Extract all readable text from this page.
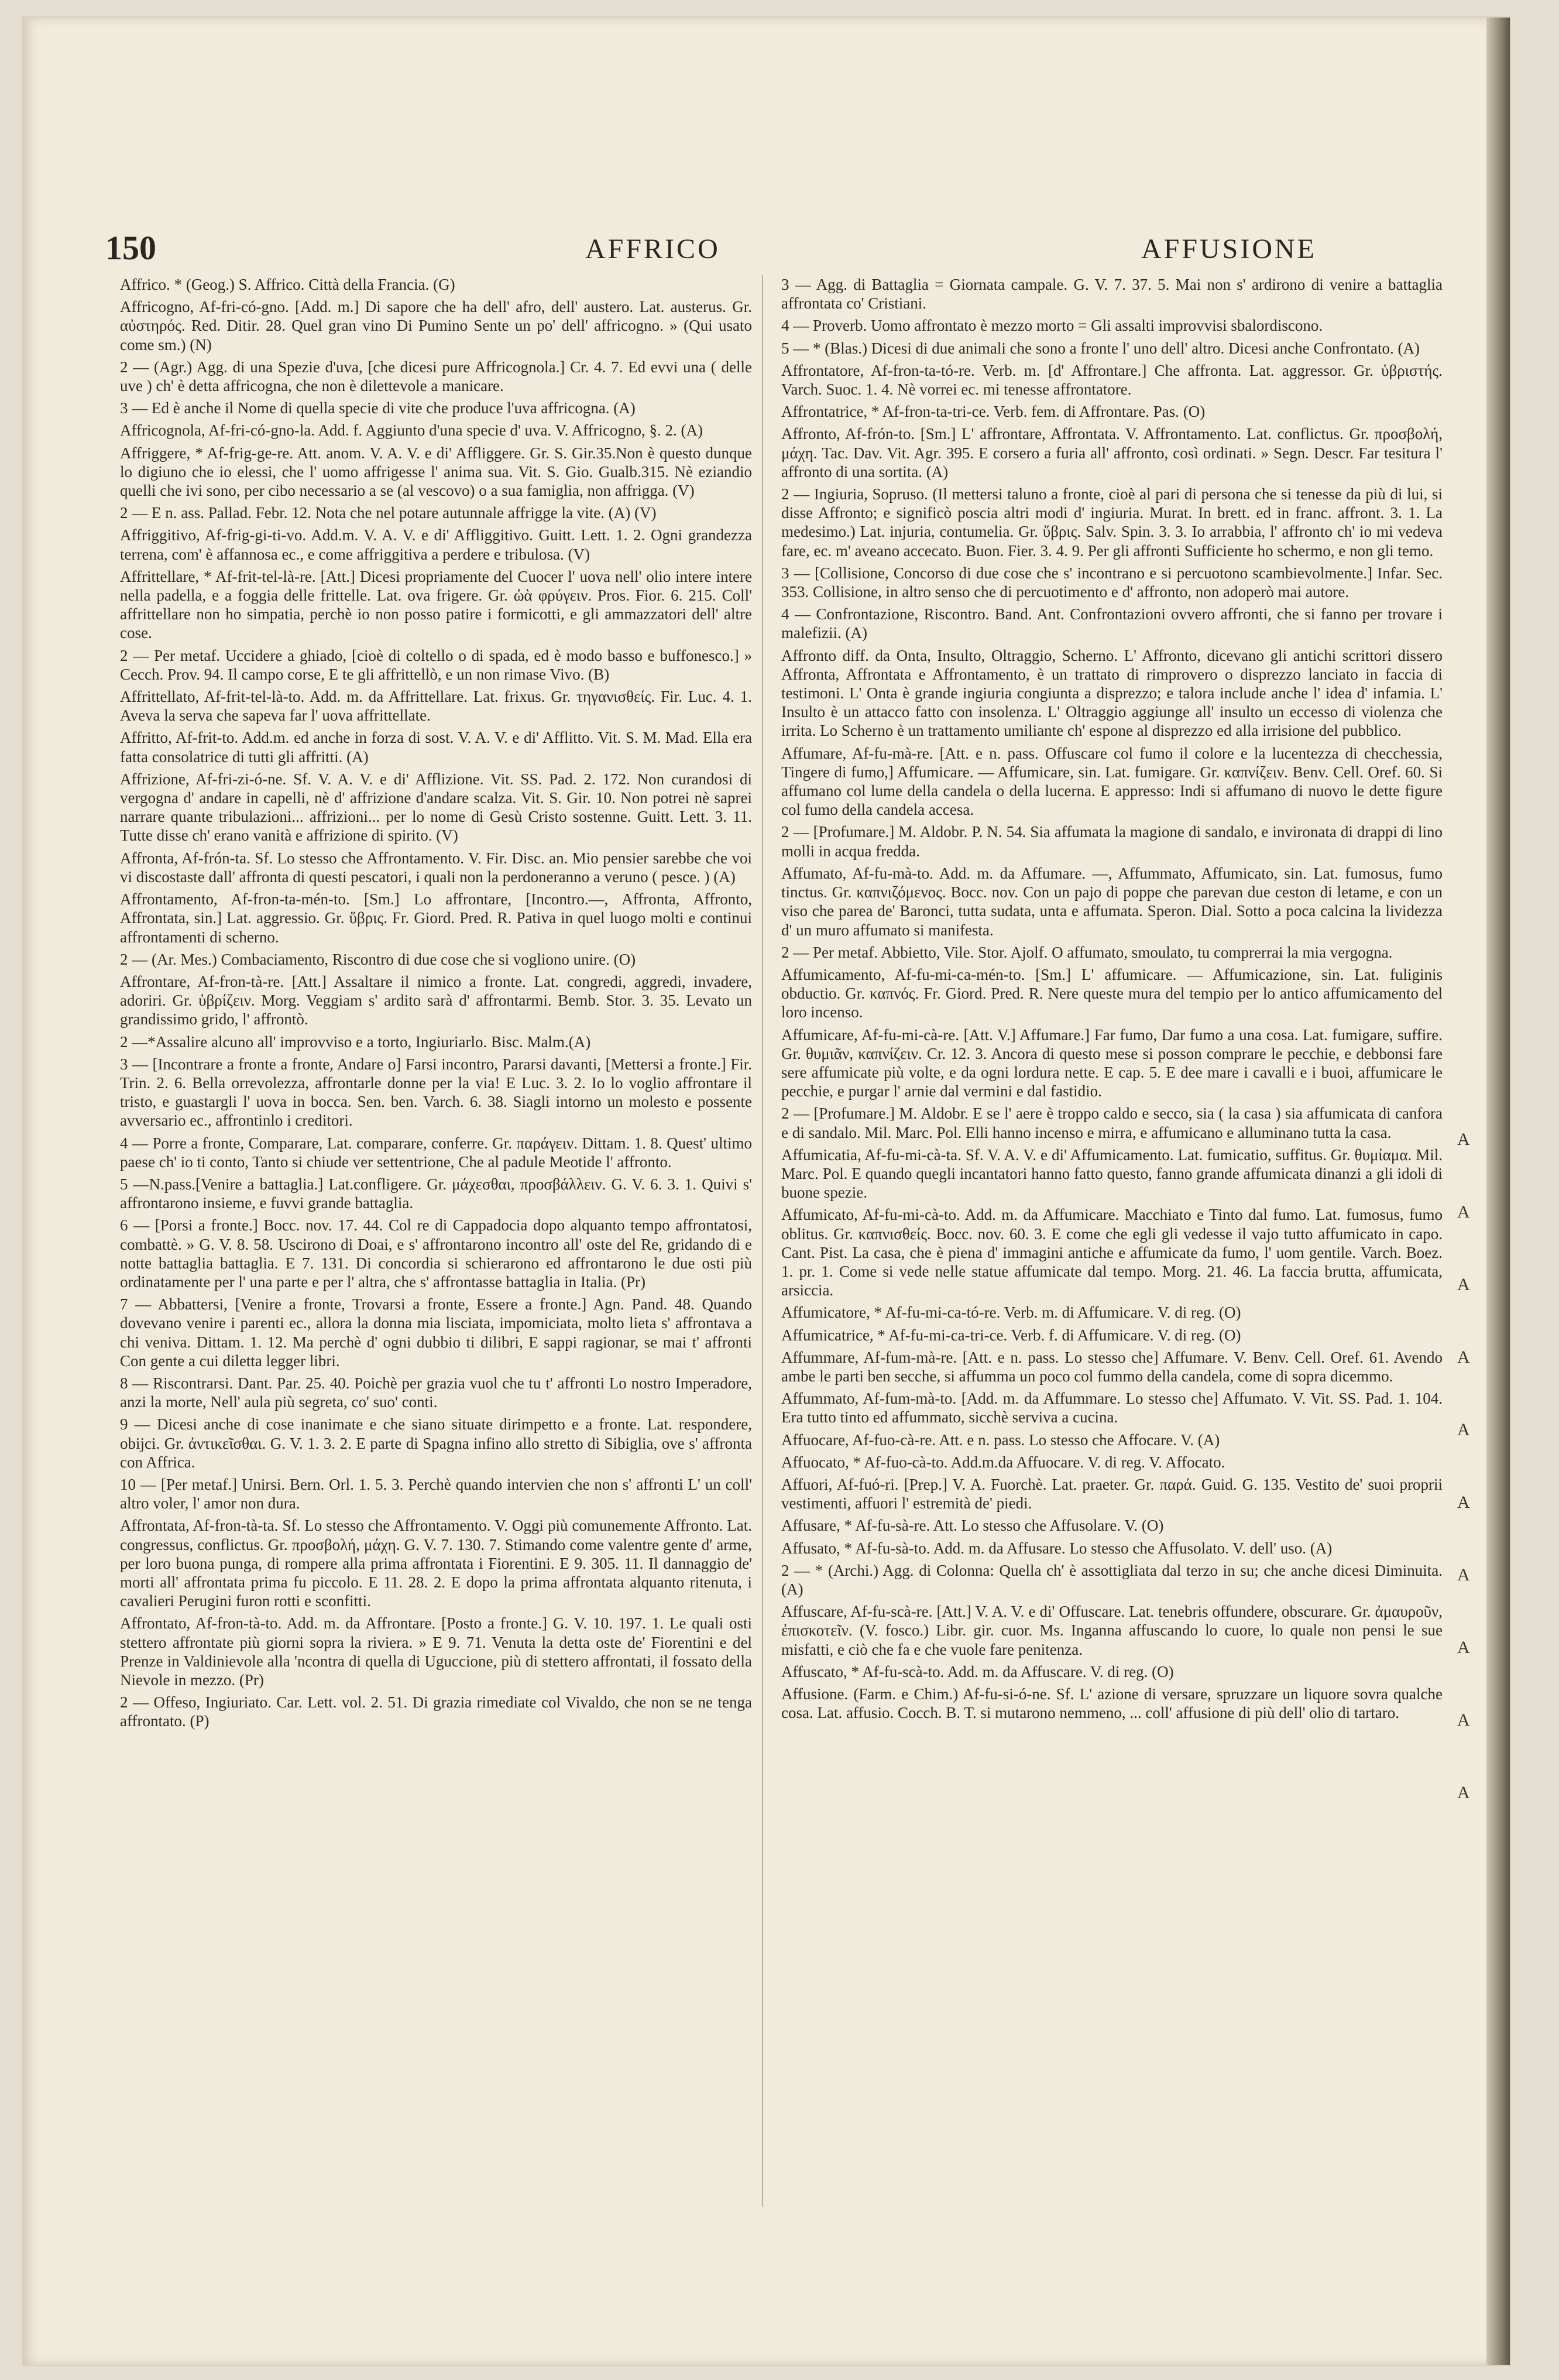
150	AFFRICO	AFFUSIONE

Affrico. * (Geog.) S. Affrico. Città della Francia. (G)

Affricogno, Af-fri-có-gno. [Add. m.] Di sapore che ha dell' afro, dell' austero. Lat. austerus. Gr. αὐστηρός. Red. Ditir. 28. Quel gran vino Di Pumino Sente un po' dell' affricogno. » (Qui usato come sm.) (N)

2 — (Agr.) Agg. di una Spezie d'uva, [che dicesi pure Affricognola.] Cr. 4. 7. Ed evvi una ( delle uve ) ch' è detta affricogna, che non è dilettevole a manicare.

3 — Ed è anche il Nome di quella specie di vite che produce l'uva affricogna. (A)

Affricognola, Af-fri-có-gno-la. Add. f. Aggiunto d'una specie d' uva. V. Affricogno, §. 2. (A)

Affriggere, * Af-frig-ge-re. Att. anom. V. A. V. e di' Affliggere. Gr. S. Gir.35.Non è questo dunque lo digiuno che io elessi, che l' uomo affrigesse l' anima sua. Vit. S. Gio. Gualb.315. Nè eziandio quelli che ivi sono, per cibo necessario a se (al vescovo) o a sua famiglia, non affrigga. (V)

2 — E n. ass. Pallad. Febr. 12. Nota che nel potare autunnale affrigge la vite. (A) (V)

Affriggitivo, Af-frig-gi-ti-vo. Add.m. V. A. V. e di' Affliggitivo. Guitt. Lett. 1. 2. Ogni grandezza terrena, com' è affannosa ec., e come affriggitiva a perdere e tribulosa. (V)

Affrittellare, * Af-frit-tel-là-re. [Att.] Dicesi propriamente del Cuocer l' uova nell' olio intere intere nella padella, e a foggia delle frittelle. Lat. ova frigere. Gr. ὠὰ φρύγειν. Pros. Fior. 6. 215. Coll' affrittellare non ho simpatia, perchè io non posso patire i formicotti, e gli ammazzatori dell' altre cose.

2 — Per metaf. Uccidere a ghiado, [cioè di coltello o di spada, ed è modo basso e buffonesco.] » Cecch. Prov. 94. Il campo corse, E te gli affrittellò, e un non rimase Vivo. (B)

Affrittellato, Af-frit-tel-là-to. Add. m. da Affrittellare. Lat. frixus. Gr. τηγανισθείς. Fir. Luc. 4. 1. Aveva la serva che sapeva far l' uova affrittellate.

Affritto, Af-frit-to. Add.m. ed anche in forza di sost. V. A. V. e di' Afflitto. Vit. S. M. Mad. Ella era fatta consolatrice di tutti gli affritti. (A)

Affrizione, Af-fri-zi-ó-ne. Sf. V. A. V. e di' Afflizione. Vit. SS. Pad. 2. 172. Non curandosi di vergogna d' andare in capelli, nè d' affrizione d'andare scalza. Vit. S. Gir. 10. Non potrei nè saprei narrare quante tribulazioni... affrizioni... per lo nome di Gesù Cristo sostenne. Guitt. Lett. 3. 11. Tutte disse ch' erano vanità e affrizione di spirito. (V)

Affronta, Af-frón-ta. Sf. Lo stesso che Affrontamento. V. Fir. Disc. an. Mio pensier sarebbe che voi vi discostaste dall' affronta di questi pescatori, i quali non la perdoneranno a veruno ( pesce. ) (A)

Affrontamento, Af-fron-ta-mén-to. [Sm.] Lo affrontare, [Incontro.—, Affronta, Affronto, Affrontata, sin.] Lat. aggressio. Gr. ὕβρις. Fr. Giord. Pred. R. Pativa in quel luogo molti e continui affrontamenti di scherno.

2 — (Ar. Mes.) Combaciamento, Riscontro di due cose che si vogliono unire. (O)

Affrontare, Af-fron-tà-re. [Att.] Assaltare il nimico a fronte. Lat. congredi, aggredi, invadere, adoriri. Gr. ὑβρίζειν. Morg. Veggiam s' ardito sarà d' affrontarmi. Bemb. Stor. 3. 35. Levato un grandissimo grido, l' affrontò.

2 —*Assalire alcuno all' improvviso e a torto, Ingiuriarlo. Bisc. Malm.(A)

3 — [Incontrare a fronte a fronte, Andare o] Farsi incontro, Pararsi davanti, [Mettersi a fronte.] Fir. Trin. 2. 6. Bella orrevolezza, affrontarle donne per la via! E Luc. 3. 2. Io lo voglio affrontare il tristo, e guastargli l' uova in bocca. Sen. ben. Varch. 6. 38. Siagli intorno un molesto e possente avversario ec., affrontinlo i creditori.

4 — Porre a fronte, Comparare, Lat. comparare, conferre. Gr. παράγειν. Dittam. 1. 8. Quest' ultimo paese ch' io ti conto, Tanto si chiude ver settentrione, Che al padule Meotide l' affronto.

5 —N.pass.[Venire a battaglia.] Lat.confligere. Gr. μάχεσθαι, προσβάλλειν. G. V. 6. 3. 1. Quivi s' affrontarono insieme, e fuvvi grande battaglia.

6 — [Porsi a fronte.] Bocc. nov. 17. 44. Col re di Cappadocia dopo alquanto tempo affrontatosi, combattè. » G. V. 8. 58. Uscirono di Doai, e s' affrontarono incontro all' oste del Re, gridando di e notte battaglia battaglia. E 7. 131. Di concordia si schierarono ed affrontarono le due osti più ordinatamente per l' una parte e per l' altra, che s' affrontasse battaglia in Italia. (Pr)

7 — Abbattersi, [Venire a fronte, Trovarsi a fronte, Essere a fronte.] Agn. Pand. 48. Quando dovevano venire i parenti ec., allora la donna mia lisciata, impomiciata, molto lieta s' affrontava a chi veniva. Dittam. 1. 12. Ma perchè d' ogni dubbio ti dilibri, E sappi ragionar, se mai t' affronti Con gente a cui diletta legger libri.

8 — Riscontrarsi. Dant. Par. 25. 40. Poichè per grazia vuol che tu t' affronti Lo nostro Imperadore, anzi la morte, Nell' aula più segreta, co' suo' conti.

9 — Dicesi anche di cose inanimate e che siano situate dirimpetto e a fronte. Lat. respondere, obijci. Gr. ἀντικεῖσθαι. G. V. 1. 3. 2. E parte di Spagna infino allo stretto di Sibiglia, ove s' affronta con Affrica.

10 — [Per metaf.] Unirsi. Bern. Orl. 1. 5. 3. Perchè quando intervien che non s' affronti L' un coll' altro voler, l' amor non dura.

Affrontata, Af-fron-tà-ta. Sf. Lo stesso che Affrontamento. V. Oggi più comunemente Affronto. Lat. congressus, conflictus. Gr. προσβολή, μάχη. G. V. 7. 130. 7. Stimando come valentre gente d' arme, per loro buona punga, di rompere alla prima affrontata i Fiorentini. E 9. 305. 11. Il dannaggio de' morti all' affrontata prima fu piccolo. E 11. 28. 2. E dopo la prima affrontata alquanto ritenuta, i cavalieri Perugini furon rotti e sconfitti.

Affrontato, Af-fron-tà-to. Add. m. da Affrontare. [Posto a fronte.] G. V. 10. 197. 1. Le quali osti stettero affrontate più giorni sopra la riviera. » E 9. 71. Venuta la detta oste de' Fiorentini e del Prenze in Valdinievole alla 'ncontra di quella di Uguccione, più di stettero affrontati, il fossato della Nievole in mezzo. (Pr)

2 — Offeso, Ingiuriato. Car. Lett. vol. 2. 51. Di grazia rimediate col Vivaldo, che non se ne tenga affrontato. (P)

3 — Agg. di Battaglia = Giornata campale. G. V. 7. 37. 5. Mai non s' ardirono di venire a battaglia affrontata co' Cristiani.

4 — Proverb. Uomo affrontato è mezzo morto = Gli assalti improvvisi sbalordiscono.

5 — * (Blas.) Dicesi di due animali che sono a fronte l' uno dell' altro. Dicesi anche Confrontato. (A)

Affrontatore, Af-fron-ta-tó-re. Verb. m. [d' Affrontare.] Che affronta. Lat. aggressor. Gr. ὑβριστής. Varch. Suoc. 1. 4. Nè vorrei ec. mi tenesse affrontatore.

Affrontatrice, * Af-fron-ta-tri-ce. Verb. fem. di Affrontare. Pas. (O)

Affronto, Af-frón-to. [Sm.] L' affrontare, Affrontata. V. Affrontamento. Lat. conflictus. Gr. προσβολή, μάχη. Tac. Dav. Vit. Agr. 395. E corsero a furia all' affronto, così ordinati. » Segn. Descr. Far tesitura l' affronto di una sortita. (A)

2 — Ingiuria, Sopruso. (Il mettersi taluno a fronte, cioè al pari di persona che si tenesse da più di lui, si disse Affronto; e significò poscia altri modi d' ingiuria. Murat. In brett. ed in franc. affront. 3. 1. La medesimo.) Lat. injuria, contumelia. Gr. ὕβρις. Salv. Spin. 3. 3. Io arrabbia, l' affronto ch' io mi vedeva fare, ec. m' aveano accecato. Buon. Fier. 3. 4. 9. Per gli affronti Sufficiente ho schermo, e non gli temo.

3 — [Collisione, Concorso di due cose che s' incontrano e si percuotono scambievolmente.] Infar. Sec. 353. Collisione, in altro senso che di percuotimento e d' affronto, non adoperò mai autore.

4 — Confrontazione, Riscontro. Band. Ant. Confrontazioni ovvero affronti, che si fanno per trovare i malefizii. (A)

Affronto diff. da Onta, Insulto, Oltraggio, Scherno. L' Affronto, dicevano gli antichi scrittori dissero Affronta, Affrontata e Affrontamento, è un trattato di rimprovero o disprezzo lanciato in faccia di testimoni. L' Onta è grande ingiuria congiunta a disprezzo; e talora include anche l' idea d' infamia. L' Insulto è un attacco fatto con insolenza. L' Oltraggio aggiunge all' insulto un eccesso di violenza che irrita. Lo Scherno è un trattamento umiliante ch' espone al disprezzo ed alla irrisione del pubblico.

Affumare, Af-fu-mà-re. [Att. e n. pass. Offuscare col fumo il colore e la lucentezza di checchessia, Tingere di fumo,] Affumicare. — Affumicare, sin. Lat. fumigare. Gr. καπνίζειν. Benv. Cell. Oref. 60. Si affumano col lume della candela o della lucerna. E appresso: Indi si affumano di nuovo le dette figure col fumo della candela accesa.

2 — [Profumare.] M. Aldobr. P. N. 54. Sia affumata la magione di sandalo, e invironata di drappi di lino molli in acqua fredda.

Affumato, Af-fu-mà-to. Add. m. da Affumare. —, Affummato, Affumicato, sin. Lat. fumosus, fumo tinctus. Gr. καπνιζόμενος. Bocc. nov. Con un pajo di poppe che parevan due ceston di letame, e con un viso che parea de' Baronci, tutta sudata, unta e affumata. Speron. Dial. Sotto a poca calcina la lividezza d' un muro affumato si manifesta.

2 — Per metaf. Abbietto, Vile. Stor. Ajolf. O affumato, smoulato, tu comprerrai la mia vergogna.

Affumicamento, Af-fu-mi-ca-mén-to. [Sm.] L' affumicare. — Affumicazione, sin. Lat. fuliginis obductio. Gr. καπνός. Fr. Giord. Pred. R. Nere queste mura del tempio per lo antico affumicamento del loro incenso.

Affumicare, Af-fu-mi-cà-re. [Att. V.] Affumare.] Far fumo, Dar fumo a una cosa. Lat. fumigare, suffire. Gr. θυμιᾶν, καπνίζειν. Cr. 12. 3. Ancora di questo mese si posson comprare le pecchie, e debbonsi fare sere affumicate più volte, e da ogni lordura nette. E cap. 5. E dee mare i cavalli e i buoi, affumicare le pecchie, e purgar l' arnie dal vermini e dal fastidio.

2 — [Profumare.] M. Aldobr. E se l' aere è troppo caldo e secco, sia ( la casa ) sia affumicata di canfora e di sandalo. Mil. Marc. Pol. Elli hanno incenso e mirra, e affumicano e alluminano tutta la casa.

Affumicatia, Af-fu-mi-cà-ta. Sf. V. A. V. e di' Affumicamento. Lat. fumicatio, suffitus. Gr. θυμίαμα. Mil. Marc. Pol. E quando quegli incantatori hanno fatto questo, fanno grande affumicata dinanzi a gli idoli di buone spezie.

Affumicato, Af-fu-mi-cà-to. Add. m. da Affumicare. Macchiato e Tinto dal fumo. Lat. fumosus, fumo oblitus. Gr. καπνισθείς. Bocc. nov. 60. 3. E come che egli gli vedesse il vajo tutto affumicato in capo. Cant. Pist. La casa, che è piena d' immagini antiche e affumicate da fumo, l' uom gentile. Varch. Boez. 1. pr. 1. Come si vede nelle statue affumicate dal tempo. Morg. 21. 46. La faccia brutta, affumicata, arsiccia.

Affumicatore, * Af-fu-mi-ca-tó-re. Verb. m. di Affumicare. V. di reg. (O)

Affumicatrice, * Af-fu-mi-ca-tri-ce. Verb. f. di Affumicare. V. di reg. (O)

Affummare, Af-fum-mà-re. [Att. e n. pass. Lo stesso che] Affumare. V. Benv. Cell. Oref. 61. Avendo ambe le parti ben secche, si affumma un poco col fummo della candela, come di sopra dicemmo.

Affummato, Af-fum-mà-to. [Add. m. da Affummare. Lo stesso che] Affumato. V. Vit. SS. Pad. 1. 104. Era tutto tinto ed affummato, sicchè serviva a cucina.

Affuocare, Af-fuo-cà-re. Att. e n. pass. Lo stesso che Affocare. V. (A)

Affuocato, * Af-fuo-cà-to. Add.m.da Affuocare. V. di reg. V. Affocato.

Affuori, Af-fuó-ri. [Prep.] V. A. Fuorchè. Lat. praeter. Gr. παρά. Guid. G. 135. Vestito de' suoi proprii vestimenti, affuori l' estremità de' piedi.

Affusare, * Af-fu-sà-re. Att. Lo stesso che Affusolare. V. (O)

Affusato, * Af-fu-sà-to. Add. m. da Affusare. Lo stesso che Affusolato. V. dell' uso. (A)

2 — * (Archi.) Agg. di Colonna: Quella ch' è assottigliata dal terzo in su; che anche dicesi Diminuita. (A)

Affuscare, Af-fu-scà-re. [Att.] V. A. V. e di' Offuscare. Lat. tenebris offundere, obscurare. Gr. ἀμαυροῦν, ἐπισκοτεῖν. (V. fosco.) Libr. gir. cuor. Ms. Inganna affuscando lo cuore, lo quale non pensi le sue misfatti, e ciò che fa e che vuole fare penitenza.

Affuscato, * Af-fu-scà-to. Add. m. da Affuscare. V. di reg. (O)

Affusione. (Farm. e Chim.) Af-fu-si-ó-ne. Sf. L' azione di versare, spruzzare un liquore sovra qualche cosa. Lat. affusio. Cocch. B. T. si mutarono nemmeno, ... coll' affusione di più dell' olio di tartaro.

A
A
A
A
A
A
A
A
A
A
